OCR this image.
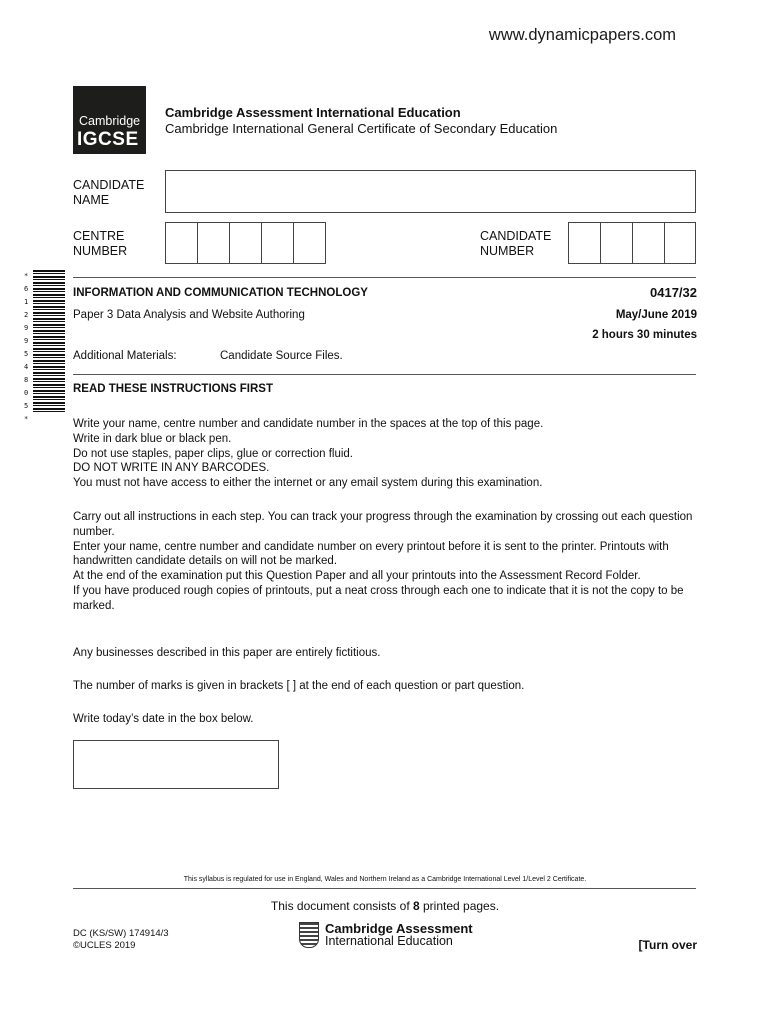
www.dynamicpapers.com
Cambridge
IGCSE
Cambridge Assessment International Education
Cambridge International General Certificate of Secondary Education
CANDIDATE
NAME
CENTRE
NUMBER
CANDIDATE
NUMBER
*
6
1
2
9
9
5
4
8
0
5
*
INFORMATION AND COMMUNICATION TECHNOLOGY	0417/32
Paper 3 Data Analysis and Website Authoring	May/June 2019
2 hours 30 minutes
Additional Materials:	Candidate Source Files.
READ THESE INSTRUCTIONS FIRST

Write your name, centre number and candidate number in the spaces at the top of this page.

Write in dark blue or black pen.

Do not use staples, paper clips, glue or correction fluid.

DO NOT WRITE IN ANY BARCODES.

You must not have access to either the internet or any email system during this examination.

Carry out all instructions in each step. You can track your progress through the examination by crossing out each question number.

Enter your name, centre number and candidate number on every printout before it is sent to the printer. Printouts with handwritten candidate details on will not be marked.

At the end of the examination put this Question Paper and all your printouts into the Assessment Record Folder.

If you have produced rough copies of printouts, put a neat cross through each one to indicate that it is not the copy to be marked.

Any businesses described in this paper are entirely fictitious.
The number of marks is given in brackets [ ] at the end of each question or part question.
Write today’s date in the box below.
This syllabus is regulated for use in England, Wales and Northern Ireland as a Cambridge International Level 1/Level 2 Certificate.
This document consists of 8 printed pages.
DC (KS/SW) 174914/3
©UCLES 2019
Cambridge Assessment
International Education	[Turn over
